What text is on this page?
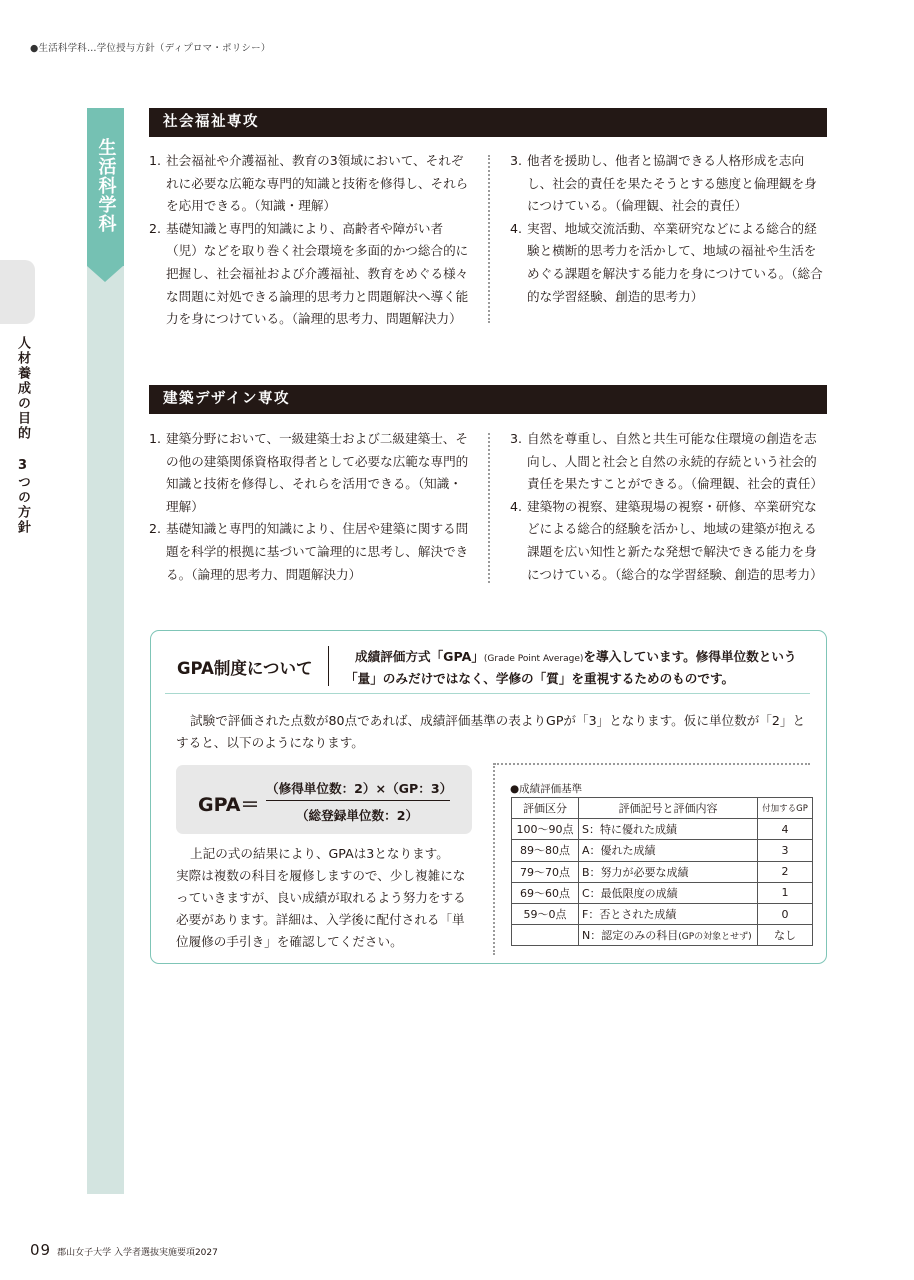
●生活科学科…学位授与方針（ディプロマ・ポリシー）
生活科学科
人材養成の目的 3つの方針
社会福祉専攻
1. 社会福祉や介護福祉、教育の3領域において、それぞれに必要な広範な専門的知識と技術を修得し、それらを応用できる。（知識・理解）
2. 基礎知識と専門的知識により、高齢者や障がい者（児）などを取り巻く社会環境を多面的かつ総合的に把握し、社会福祉および介護福祉、教育をめぐる様々な問題に対処できる論理的思考力と問題解決へ導く能力を身につけている。（論理的思考力、問題解決力）
3. 他者を援助し、他者と協調できる人格形成を志向し、社会的責任を果たそうとする態度と倫理観を身につけている。（倫理観、社会的責任）
4. 実習、地域交流活動、卒業研究などによる総合的経験と横断的思考力を活かして、地域の福祉や生活をめぐる課題を解決する能力を身につけている。（総合的な学習経験、創造的思考力）
建築デザイン専攻
1. 建築分野において、一級建築士および二級建築士、その他の建築関係資格取得者として必要な広範な専門的知識と技術を修得し、それらを活用できる。（知識・理解）
2. 基礎知識と専門的知識により、住居や建築に関する問題を科学的根拠に基づいて論理的に思考し、解決できる。（論理的思考力、問題解決力）
3. 自然を尊重し、自然と共生可能な住環境の創造を志向し、人間と社会と自然の永続的存続という社会的責任を果たすことができる。（倫理観、社会的責任）
4. 建築物の視察、建築現場の視察・研修、卒業研究などによる総合的経験を活かし、地域の建築が抱える課題を広い知性と新たな発想で解決できる能力を身につけている。（総合的な学習経験、創造的思考力）
GPA制度について
成績評価方式「GPA」(Grade Point Average)を導入しています。修得単位数という
「量」のみだけではなく、学修の「質」を重視するためのものです。
試験で評価された点数が80点であれば、成績評価基準の表よりGPが「3」となります。仮に単位数が「2」とすると、以下のようになります。
GPA＝
（修得単位数：2）×（GP：3）
（総登録単位数：2）
上記の式の結果により、GPAは3となります。
実際は複数の科目を履修しますので、少し複雑になっていきますが、良い成績が取れるよう努力をする必要があります。詳細は、入学後に配付される「単位履修の手引き」を確認してください。
●成績評価基準
評価区分	評価記号と評価内容	付加するGP
100〜90点	S：特に優れた成績	4
89〜80点	A：優れた成績	3
79〜70点	B：努力が必要な成績	2
69〜60点	C：最低限度の成績	1
59〜0点	F：否とされた成績	0
	N：認定のみの科目(GPの対象とせず)	なし
09 郡山女子大学 入学者選抜実施要項2027
